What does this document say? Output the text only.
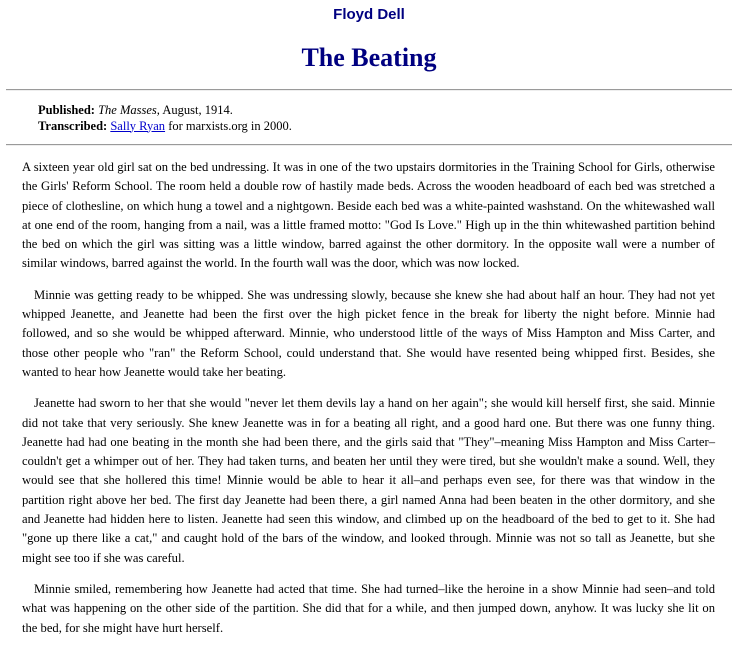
Floyd Dell
The Beating
Published: The Masses, August, 1914.
Transcribed: Sally Ryan for marxists.org in 2000.

A sixteen year old girl sat on the bed undressing. It was in one of the two upstairs dormitories in the Training School for Girls, otherwise the Girls' Reform School. The room held a double row of hastily made beds. Across the wooden headboard of each bed was stretched a piece of clothesline, on which hung a towel and a nightgown. Beside each bed was a white-painted washstand. On the whitewashed wall at one end of the room, hanging from a nail, was a little framed motto: "God Is Love." High up in the thin whitewashed partition behind the bed on which the girl was sitting was a little window, barred against the other dormitory. In the opposite wall were a number of similar windows, barred against the world. In the fourth wall was the door, which was now locked.

Minnie was getting ready to be whipped. She was undressing slowly, because she knew she had about half an hour. They had not yet whipped Jeanette, and Jeanette had been the first over the high picket fence in the break for liberty the night before. Minnie had followed, and so she would be whipped afterward. Minnie, who understood little of the ways of Miss Hampton and Miss Carter, and those other people who "ran" the Reform School, could understand that. She would have resented being whipped first. Besides, she wanted to hear how Jeanette would take her beating.

Jeanette had sworn to her that she would "never let them devils lay a hand on her again"; she would kill herself first, she said. Minnie did not take that very seriously. She knew Jeanette was in for a beating all right, and a good hard one. But there was one funny thing. Jeanette had had one beating in the month she had been there, and the girls said that "They"–meaning Miss Hampton and Miss Carter–couldn't get a whimper out of her. They had taken turns, and beaten her until they were tired, but she wouldn't make a sound. Well, they would see that she hollered this time! Minnie would be able to hear it all–and perhaps even see, for there was that window in the partition right above her bed. The first day Jeanette had been there, a girl named Anna had been beaten in the other dormitory, and she and Jeanette had hidden here to listen. Jeanette had seen this window, and climbed up on the headboard of the bed to get to it. She had "gone up there like a cat," and caught hold of the bars of the window, and looked through. Minnie was not so tall as Jeanette, but she might see too if she was careful.

Minnie smiled, remembering how Jeanette had acted that time. She had turned–like the heroine in a show Minnie had seen–and told what was happening on the other side of the partition. She did that for a while, and then jumped down, anyhow. It was lucky she lit on the bed, for she might have hurt herself.
